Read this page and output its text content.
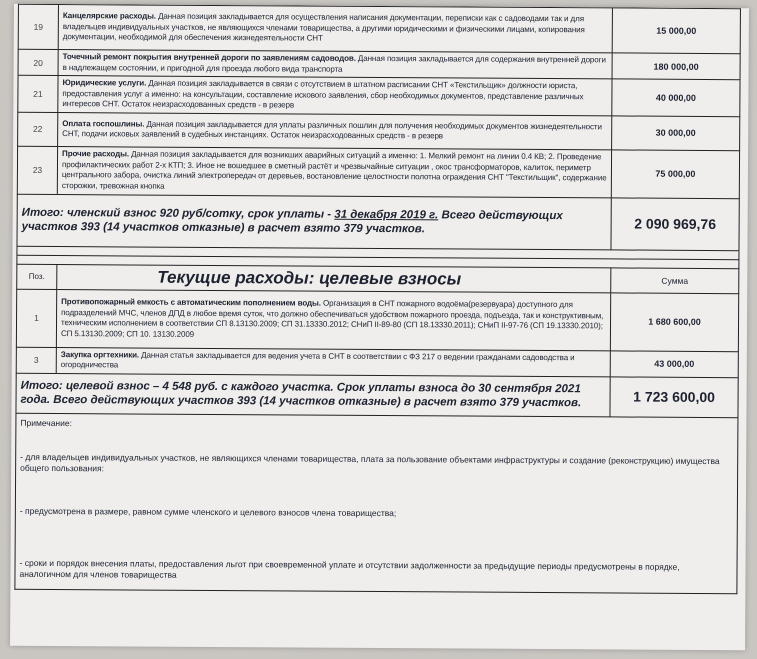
19	Канцелярские расходы. Данная позиция закладывается для осуществления написания документации, переписки как с садоводами так и для владельцев индивидуальных участков, не являющихся членами товарищества, а другими юридическими и физическими лицами, копирования документации, необходимой для обеспечения жизнедеятельности СНТ	15 000,00
20	Точечный ремонт покрытия внутренней дороги по заявлениям садоводов. Данная позиция закладывается для содержания внутренней дороги в надлежащем состоянии, и пригодной для проезда любого вида транспорта	180 000,00
21	Юридические услуги. Данная позиция закладывается в связи с отсутствием в штатном расписании СНТ «Текстильщик» должности юриста, предоставления услуг а именно: на консультации, составление искового заявления, сбор необходимых документов, представление различных интересов СНТ. Остаток неизрасходованных средств - в резерв	40 000,00
22	Оплата госпошлины. Данная позиция закладывается для уплаты различных пошлин для получения необходимых документов жизнедеятельности СНТ, подачи исковых заявлений в судебных инстанциях. Остаток неизрасходованных средств - в резерв	30 000,00
23	Прочие расходы. Данная позиция закладывается для возникших аварийных ситуаций а именно: 1. Мелкий ремонт на линии 0.4 КВ; 2. Проведение профилактических работ 2-х КТП; 3. Иное не вошедшее в сметный растёт и чрезвычайные ситуации , окос трансформаторов, калиток, периметр центрального забора, очистка линий электропередач от деревьев, востановление целостности полотна ограждения СНТ "Текстильщик", содержание сторожки, тревожная кнопка	75 000,00
Итого: членский взнос 920 руб/сотку, срок уплаты - 31 декабря 2019 г. Всего действующих участков 393 (14 участков отказные) в расчет взято 379 участков.		2 090 969,76

Поз.	Текущие расходы: целевые взносы	Сумма
1	Противопожарный емкость с автоматическим пополнением воды. Организация в СНТ пожарного водоёма(резервуара) доступного для подразделений МЧС, членов ДПД в любое время суток, что должно обеспечиваться удобством пожарного проезда, подъезда, так и конструктивным, техническим исполнением в соответствии СП 8.13130.2009; СП 31.13330.2012; СНиП II-89-80 (СП 18.13330.2011); СНиП II-97-76 (СП 19.13330.2010); СП 5.13130.2009; СП 10. 13130.2009	1 680 600,00
3	Закупка оргтехники. Данная статья закладывается для ведения учета в СНТ в соответствии с ФЗ 217 о ведении гражданами садоводства и огородничества	43 000,00
Итого: целевой взнос – 4 548 руб. с каждого участка. Срок уплаты взноса до 30 сентября 2021 года. Всего действующих участков 393 (14 участков отказные) в расчет взято 379 участков.		1 723 600,00

Примечание:

- для владельцев индивидуальных участков, не являющихся членами товарищества, плата за пользование объектами инфраструктуры и создание (реконструкцию) имущества общего пользования:

- предусмотрена в размере, равном сумме членского и целевого взносов члена товарищества;

- сроки и порядок внесения платы, предоставления льгот при своевременной уплате и отсутствии задолженности за предыдущие периоды предусмотрены в порядке, аналогичном для членов товарищества
